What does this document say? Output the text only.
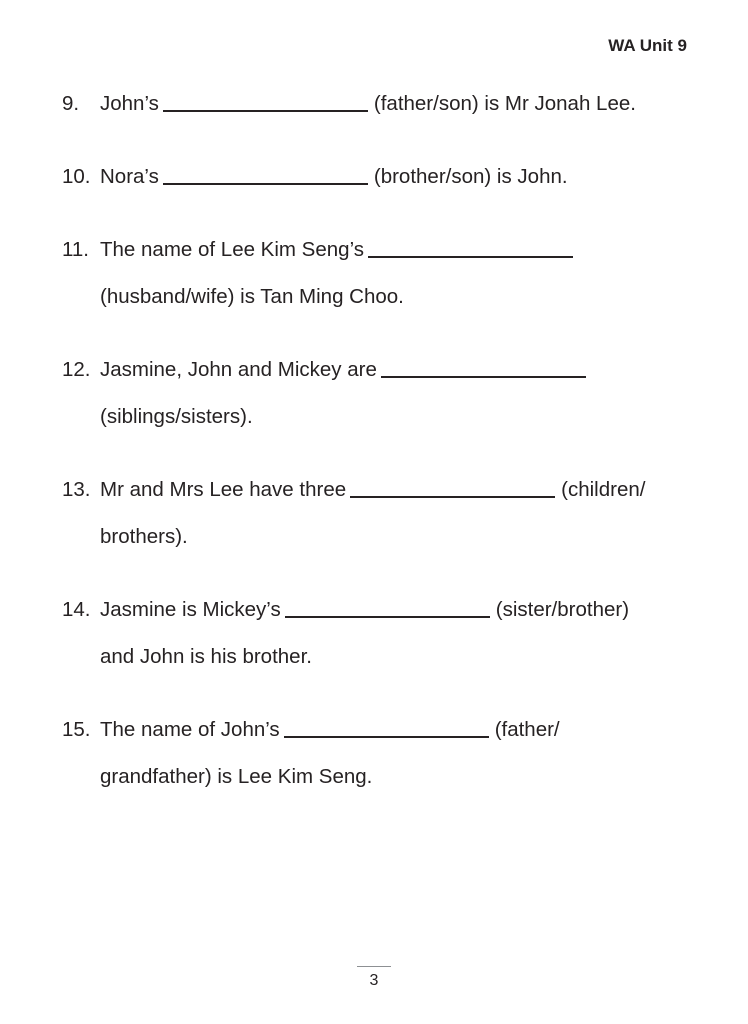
WA Unit 9
9.	John’s	(father/son) is Mr Jonah Lee.
10. Nora’s	(brother/son) is John.
11. The name of Lee Kim Seng’s
(husband/wife) is Tan Ming Choo.
12. Jasmine, John and Mickey are
(siblings/sisters).
13. Mr and Mrs Lee have three	(children/
brothers).
14. Jasmine is Mickey’s	(sister/brother)
and John is his brother.
15. The name of John’s	(father/
grandfather) is Lee Kim Seng.
3
